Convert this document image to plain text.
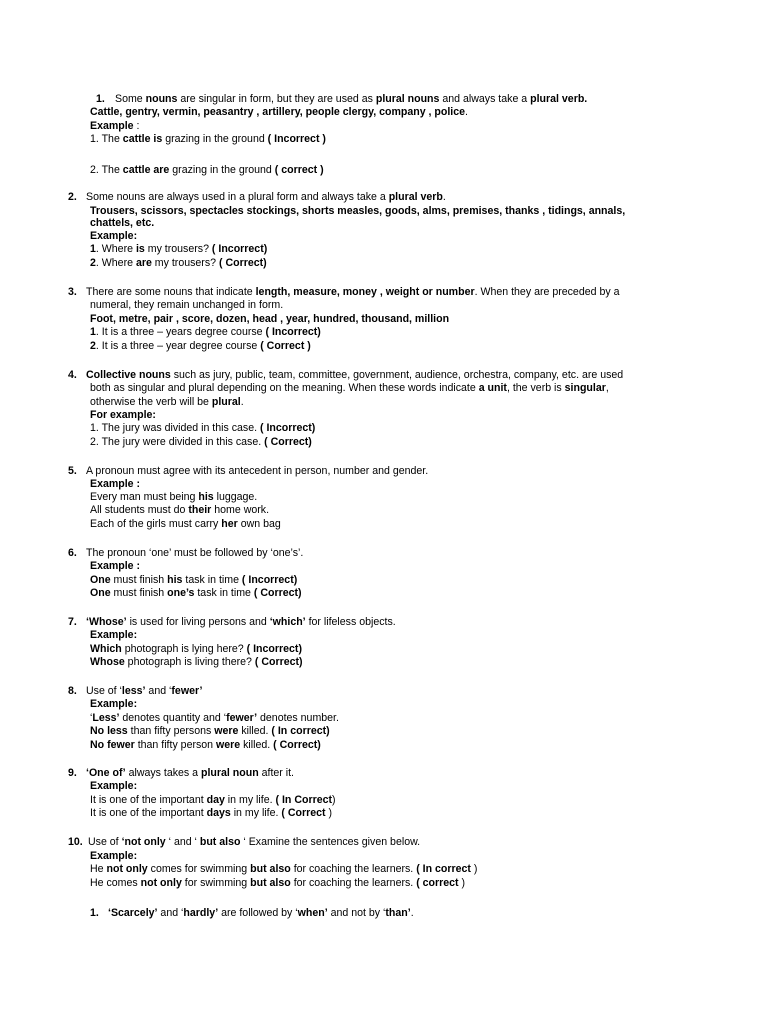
1.
2.
3.
4.
5.
6.
7.
8.
9.
10.
1.
Some nouns are singular in form, but they are used as plural nouns and always take a plural verb.
Cattle, gentry, vermin, peasantry , artillery, people clergy, company , police.
Example :
1. The cattle is grazing in the ground ( Incorrect )
2. The cattle are grazing in the ground ( correct )
Some nouns are always used in a plural form and always take a plural verb.
Trousers, scissors, spectacles stockings, shorts measles, goods, alms, premises, thanks , tidings, annals,
chattels, etc.
Example:
1. Where is my trousers? ( Incorrect)
2. Where are my trousers? ( Correct)
There are some nouns that indicate length, measure, money , weight or number. When they are preceded by a
numeral, they remain unchanged in form.
Foot, metre, pair , score, dozen, head , year, hundred, thousand, million
1. It is a three – years degree course ( Incorrect)
2. It is a three – year degree course ( Correct )
Collective nouns such as jury, public, team, committee, government, audience, orchestra, company, etc. are used
both as singular and plural depending on the meaning. When these words indicate a unit, the verb is singular,
otherwise the verb will be plural.
For example:
1. The jury was divided in this case. ( Incorrect)
2. The jury were divided in this case. ( Correct)
A pronoun must agree with its antecedent in person, number and gender.
Example :
Every man must being his luggage.
All students must do their home work.
Each of the girls must carry her own bag
The pronoun ‘one’ must be followed by ‘one’s’.
Example :
One must finish his task in time ( Incorrect)
One must finish one’s task in time ( Correct)
‘Whose’ is used for living persons and ‘which’ for lifeless objects.
Example:
Which photograph is lying here? ( Incorrect)
Whose photograph is living there? ( Correct)
Use of ‘less’ and ‘fewer’
Example:
‘Less’ denotes quantity and ‘fewer’ denotes number.
No less than fifty persons were killed. ( In correct)
No fewer than fifty person were killed. ( Correct)
‘One of’ always takes a plural noun after it.
Example:
It is one of the important day in my life. ( In Correct)
It is one of the important days in my life. ( Correct )
Use of ‘not only ‘ and ‘ but also ‘ Examine the sentences given below.
Example:
He not only comes for swimming but also for coaching the learners. ( In correct )
He comes not only for swimming but also for coaching the learners. ( correct )
‘Scarcely’ and ‘hardly’ are followed by ‘when’ and not by ‘than’.
